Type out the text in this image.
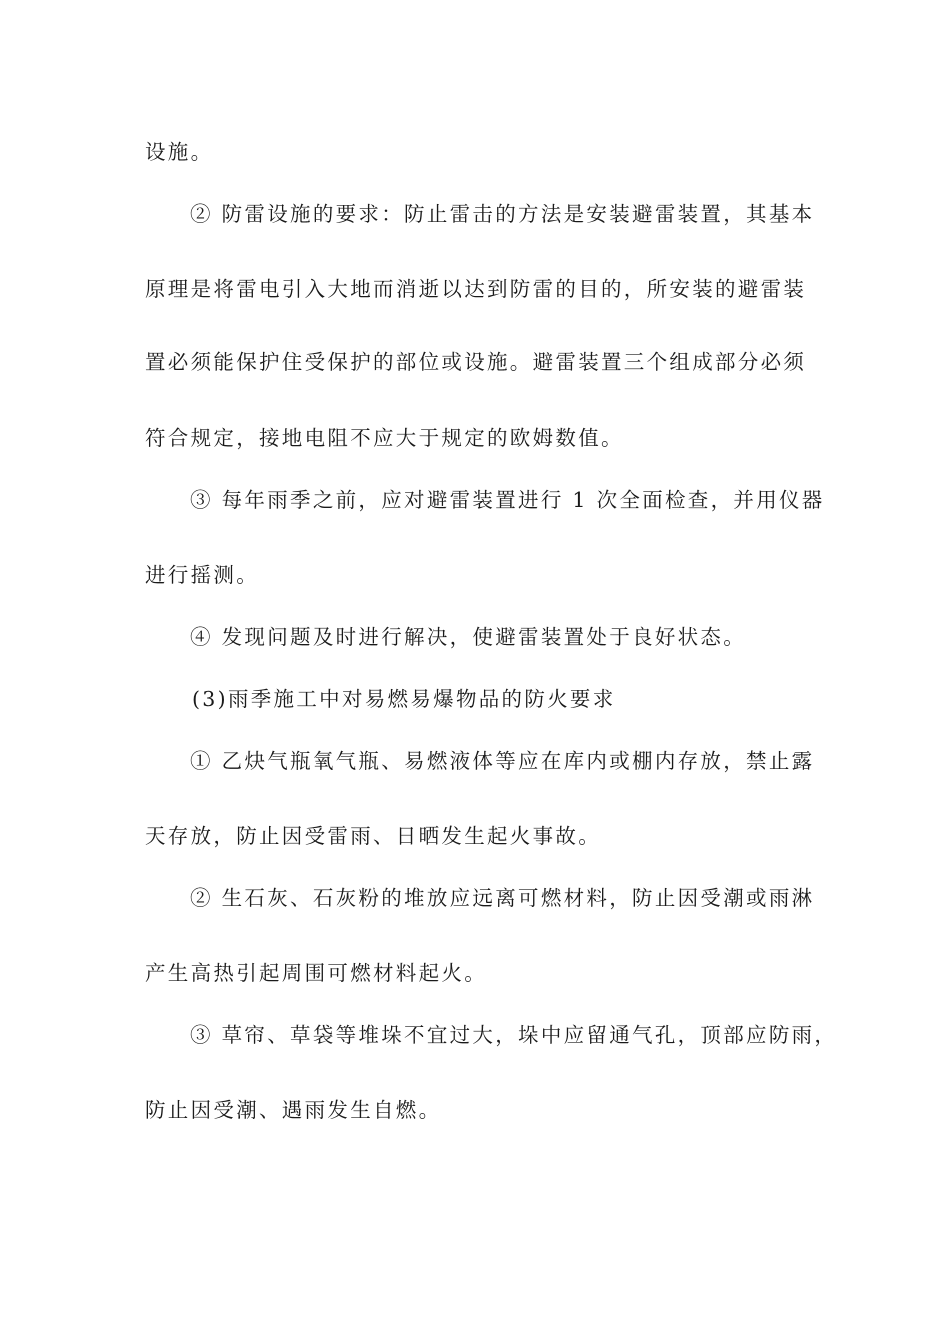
设施。
② 防雷设施的要求：防止雷击的方法是安装避雷装置，其基本
原理是将雷电引入大地而消逝以达到防雷的目的，所安装的避雷装
置必须能保护住受保护的部位或设施。避雷装置三个组成部分必须
符合规定，接地电阻不应大于规定的欧姆数值。
③ 每年雨季之前，应对避雷装置进行 1 次全面检查，并用仪器
进行摇测。
④ 发现问题及时进行解决，使避雷装置处于良好状态。
(3)雨季施工中对易燃易爆物品的防火要求
① 乙炔气瓶氧气瓶、易燃液体等应在库内或棚内存放，禁止露
天存放，防止因受雷雨、日晒发生起火事故。
② 生石灰、石灰粉的堆放应远离可燃材料，防止因受潮或雨淋
产生高热引起周围可燃材料起火。
③ 草帘、草袋等堆垛不宜过大，垛中应留通气孔，顶部应防雨，
防止因受潮、遇雨发生自燃。
